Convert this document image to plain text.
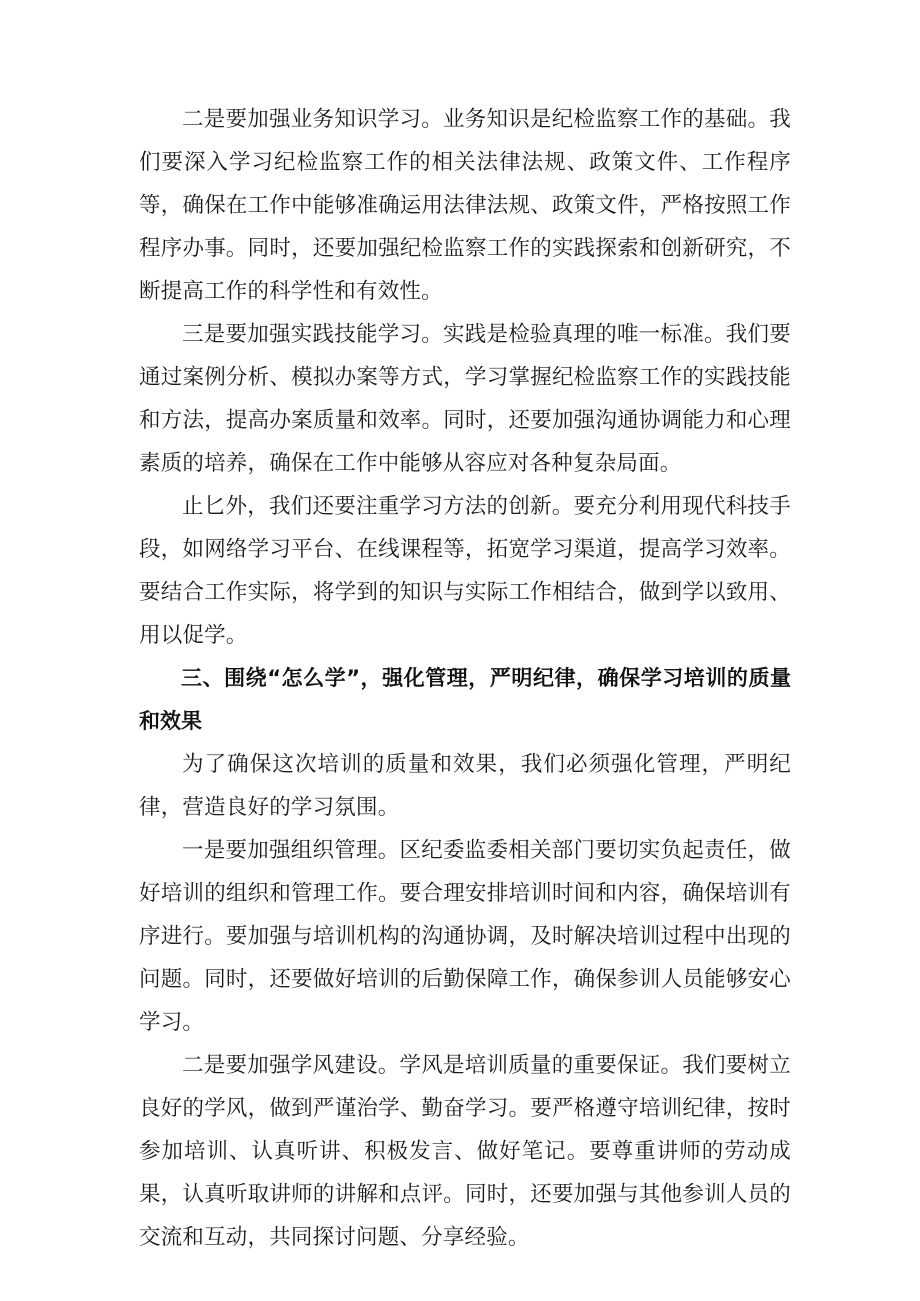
二是要加强业务知识学习。业务知识是纪检监察工作的基础。我们要深入学习纪检监察工作的相关法律法规、政策文件、工作程序等，确保在工作中能够准确运用法律法规、政策文件，严格按照工作程序办事。同时，还要加强纪检监察工作的实践探索和创新研究，不断提高工作的科学性和有效性。

三是要加强实践技能学习。实践是检验真理的唯一标准。我们要通过案例分析、模拟办案等方式，学习掌握纪检监察工作的实践技能和方法，提高办案质量和效率。同时，还要加强沟通协调能力和心理素质的培养，确保在工作中能够从容应对各种复杂局面。

止匕外，我们还要注重学习方法的创新。要充分利用现代科技手段，如网络学习平台、在线课程等，拓宽学习渠道，提高学习效率。要结合工作实际，将学到的知识与实际工作相结合，做到学以致用、用以促学。

三、围绕“怎么学”，强化管理，严明纪律，确保学习培训的质量和效果

为了确保这次培训的质量和效果，我们必须强化管理，严明纪律，营造良好的学习氛围。

一是要加强组织管理。区纪委监委相关部门要切实负起责任，做好培训的组织和管理工作。要合理安排培训时间和内容，确保培训有序进行。要加强与培训机构的沟通协调，及时解决培训过程中出现的问题。同时，还要做好培训的后勤保障工作，确保参训人员能够安心学习。

二是要加强学风建设。学风是培训质量的重要保证。我们要树立良好的学风，做到严谨治学、勤奋学习。要严格遵守培训纪律，按时参加培训、认真听讲、积极发言、做好笔记。要尊重讲师的劳动成果，认真听取讲师的讲解和点评。同时，还要加强与其他参训人员的交流和互动，共同探讨问题、分享经验。
